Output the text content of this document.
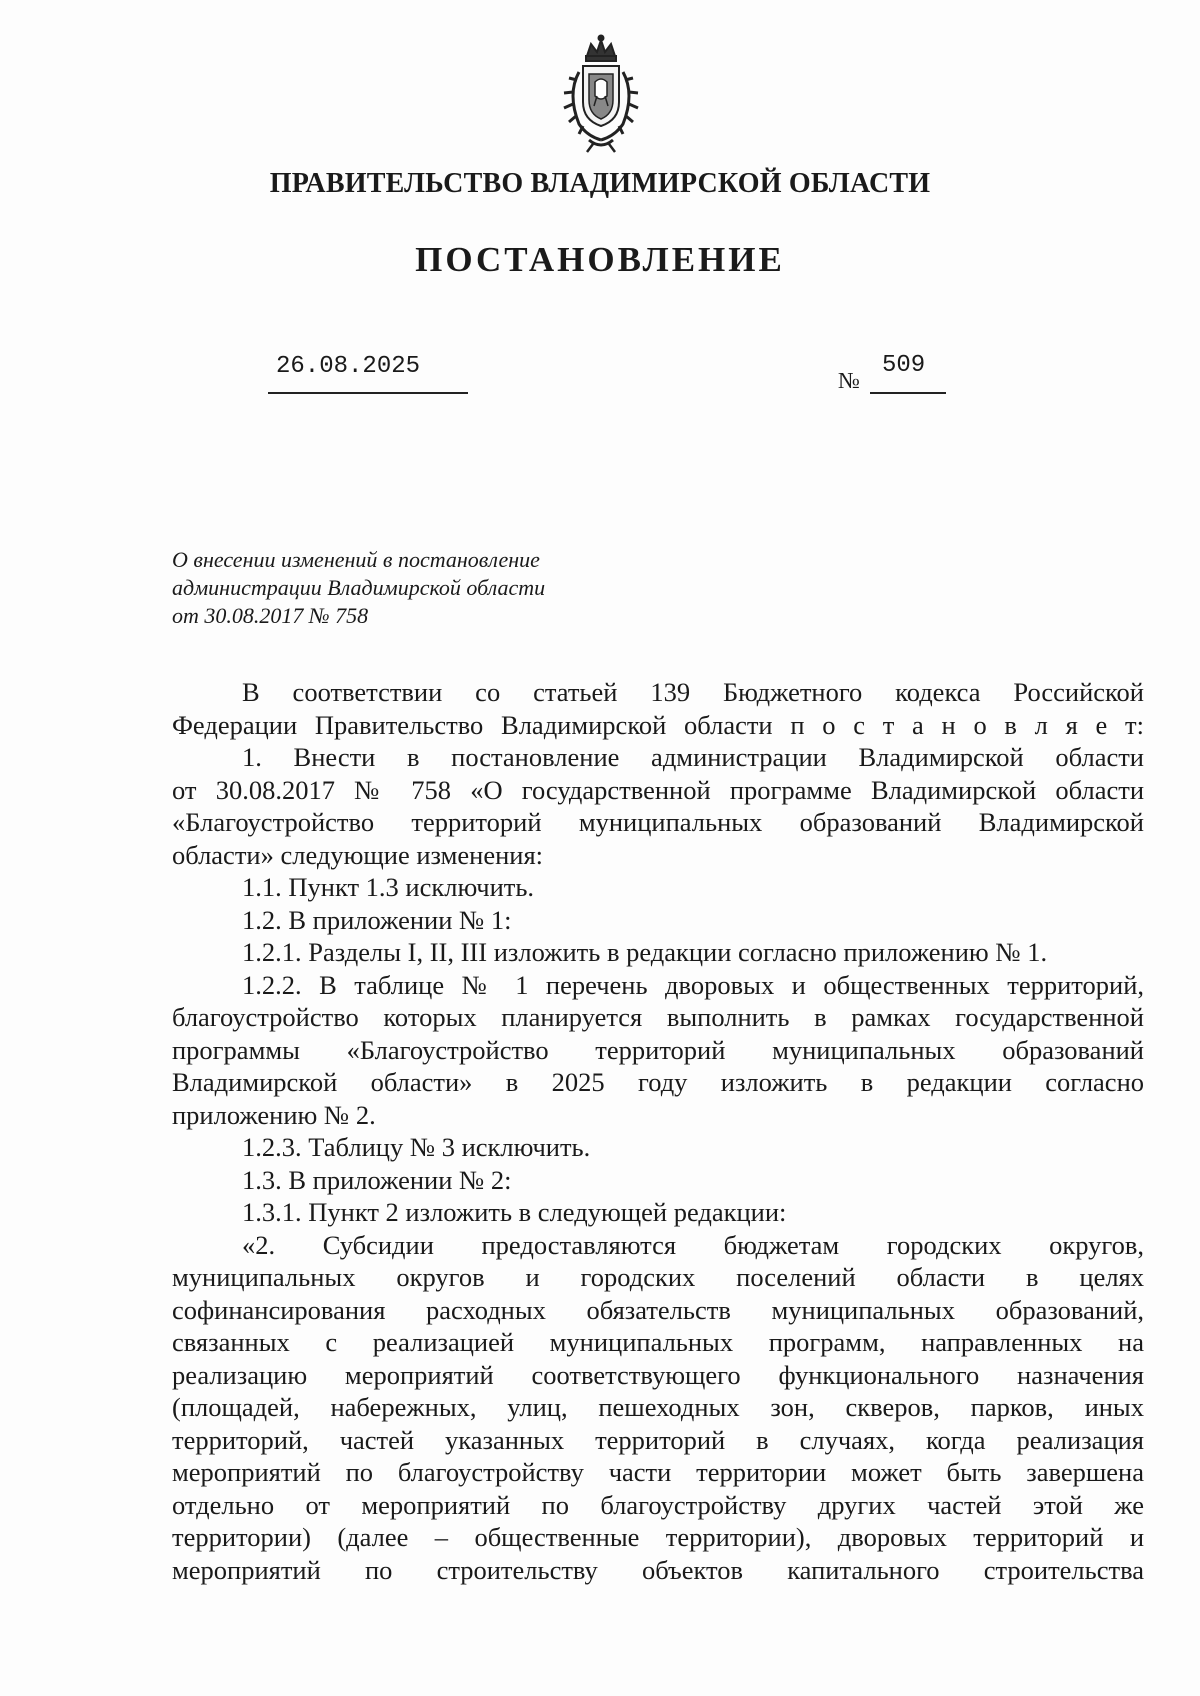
ПРАВИТЕЛЬСТВО ВЛАДИМИРСКОЙ ОБЛАСТИ
ПОСТАНОВЛЕНИЕ
26.08.2025
№
509
О внесении изменений в постановление
администрации Владимирской области
от 30.08.2017 № 758
В соответствии со статьей 139 Бюджетного кодекса Российской
Федерации Правительство Владимирской области п о с т а н о в л я е т:
1. Внести в постановление администрации Владимирской области
от 30.08.2017 № 758 «О государственной программе Владимирской области
«Благоустройство территорий муниципальных образований Владимирской
области» следующие изменения:
1.1. Пункт 1.3 исключить.
1.2. В приложении № 1:
1.2.1. Разделы I, II, III изложить в редакции согласно приложению № 1.
1.2.2. В таблице № 1 перечень дворовых и общественных территорий,
благоустройство которых планируется выполнить в рамках государственной
программы «Благоустройство территорий муниципальных образований
Владимирской области» в 2025 году изложить в редакции согласно
приложению № 2.
1.2.3. Таблицу № 3 исключить.
1.3. В приложении № 2:
1.3.1. Пункт 2 изложить в следующей редакции:
«2. Субсидии предоставляются бюджетам городских округов,
муниципальных округов и городских поселений области в целях
софинансирования расходных обязательств муниципальных образований,
связанных с реализацией муниципальных программ, направленных на
реализацию мероприятий соответствующего функционального назначения
(площадей, набережных, улиц, пешеходных зон, скверов, парков, иных
территорий, частей указанных территорий в случаях, когда реализация
мероприятий по благоустройству части территории может быть завершена
отдельно от мероприятий по благоустройству других частей этой же
территории) (далее – общественные территории), дворовых территорий и
мероприятий по строительству объектов капитального строительства
